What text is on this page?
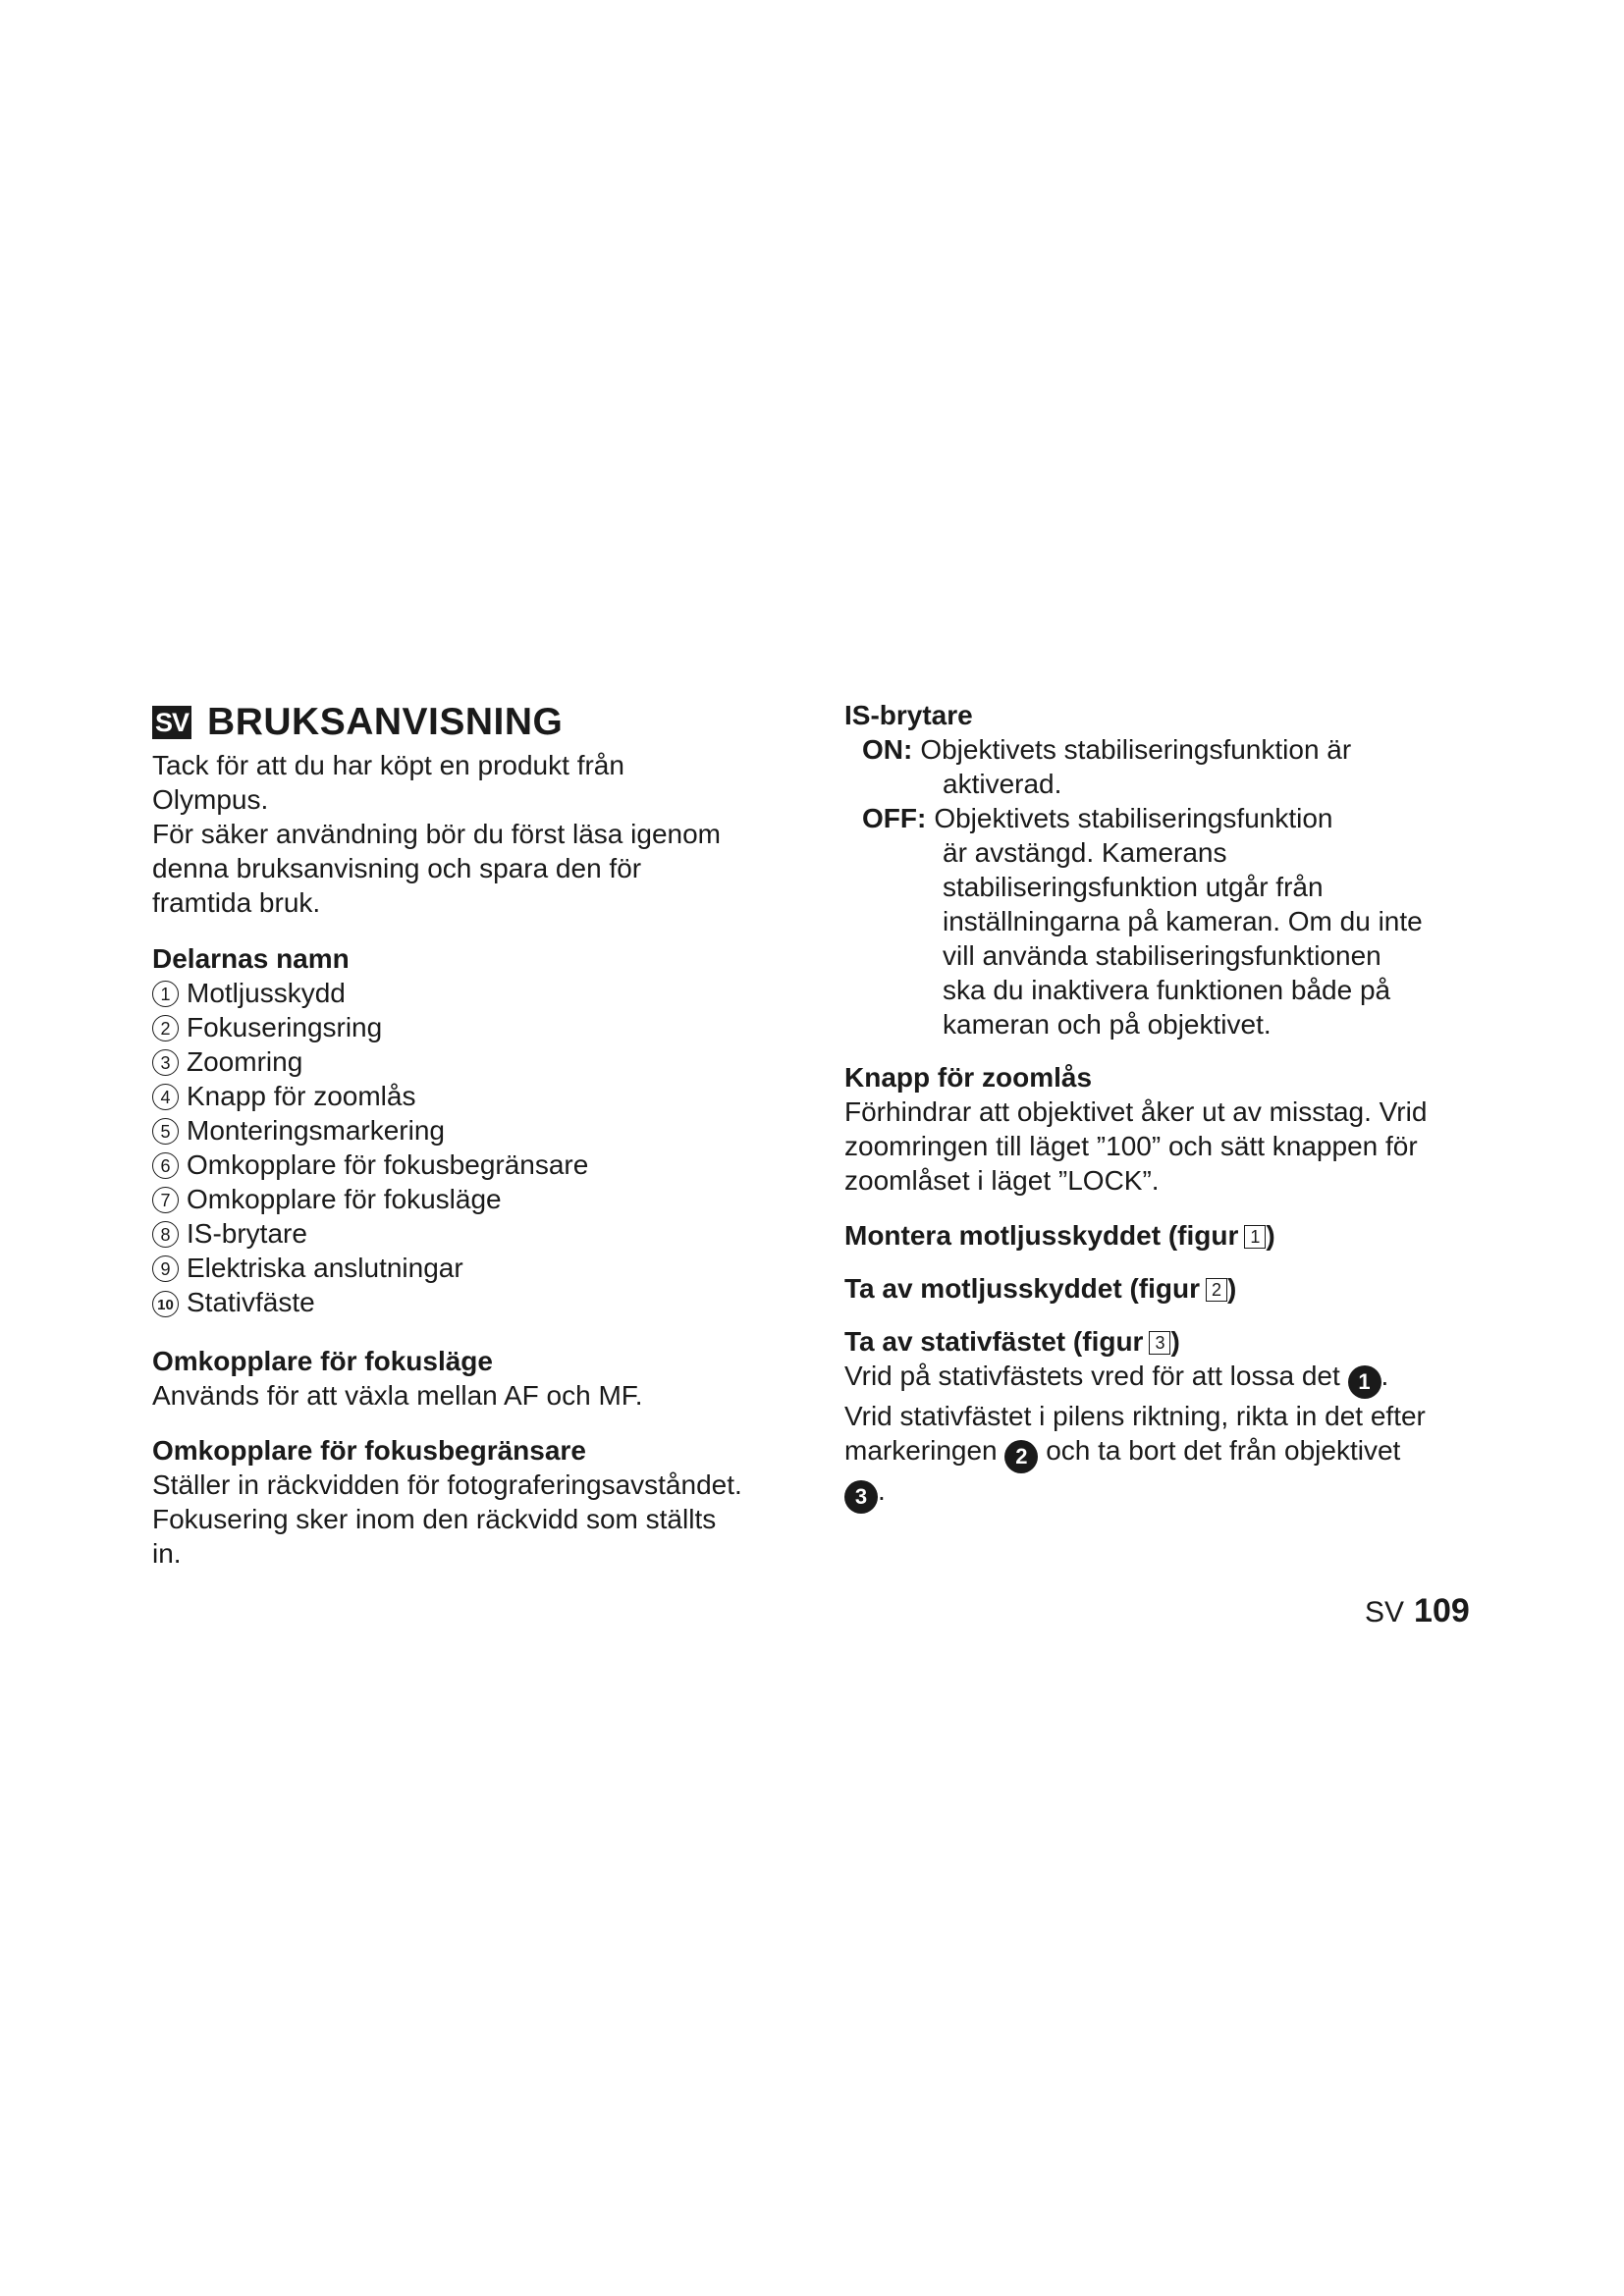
SV BRUKSANVISNING

Tack för att du har köpt en produkt från

Olympus.

För säker användning bör du först läsa igenom

denna bruksanvisning och spara den för

framtida bruk.

Delarnas namn

1 Motljusskydd
2 Fokuseringsring
3 Zoomring
4 Knapp för zoomlås
5 Monteringsmarkering
6 Omkopplare för fokusbegränsare
7 Omkopplare för fokusläge
8 IS-brytare
9 Elektriska anslutningar
10 Stativfäste

Omkopplare för fokusläge

Används för att växla mellan AF och MF.

Omkopplare för fokusbegränsare

Ställer in räckvidden för fotograferingsavståndet.

Fokusering sker inom den räckvidd som ställts

in.

IS-brytare

ON: Objektivets stabiliseringsfunktion är

aktiverad.

OFF: Objektivets stabiliseringsfunktion

är avstängd. Kamerans

stabiliseringsfunktion utgår från

inställningarna på kameran. Om du inte

vill använda stabiliseringsfunktionen

ska du inaktivera funktionen både på

kameran och på objektivet.

Knapp för zoomlås

Förhindrar att objektivet åker ut av misstag. Vrid

zoomringen till läget ”100” och sätt knappen för

zoomlåset i läget ”LOCK”.

Montera motljusskyddet (figur 1 )

Ta av motljusskyddet (figur 2 )

Ta av stativfästet (figur 3 )

Vrid på stativfästets vred för att lossa det 1 .

Vrid stativfästet i pilens riktning, rikta in det efter

markeringen 2 och ta bort det från objektivet

3 .

SV 109
